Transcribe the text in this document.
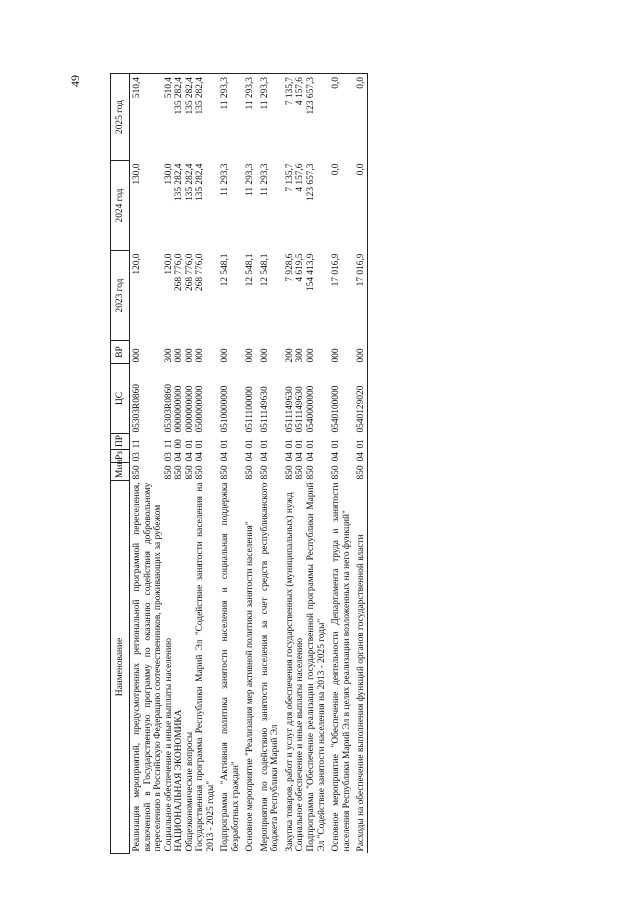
49
Наименование	Мин	Рз	ПР	ЦС	ВР	2023 год	2024 год	2025 год
Реализация мероприятий, предусмотренных региональной программой переселения, включенной в Государственную программу по оказанию содействия добровольному переселению в Российскую Федерацию соотечественников, проживающих за рубежом	850	03	11	05303R0860	000	120,0	130,0	510,4
Социальное обеспечение и иные выплаты населению	850	03	11	05303R0860	300	120,0	130,0	510,4
НАЦИОНАЛЬНАЯ ЭКОНОМИКА	850	04	00	0000000000	000	268 776,0	135 282,4	135 282,4
Общеэкономические вопросы	850	04	01	0000000000	000	268 776,0	135 282,4	135 282,4
Государственная программа Республики Марий Эл "Содействие занятости населения на 2013 - 2025 годы"	850	04	01	0500000000	000	268 776,0	135 282,4	135 282,4
Подпрограмма "Активная политика занятости населения и социальная поддержка безработных граждан"	850	04	01	0510000000	000	12 548,1	11 293,3	11 293,3
Основное мероприятие "Реализация мер активной политики занятости населения"	850	04	01	0511100000	000	12 548,1	11 293,3	11 293,3
Мероприятия по содействию занятости населения за счет средств республиканского бюджета Республики Марий Эл	850	04	01	0511149630	000	12 548,1	11 293,3	11 293,3
Закупка товаров, работ и услуг для обеспечения государственных (муниципальных) нужд	850	04	01	0511149630	200	7 928,6	7 135,7	7 135,7
Социальное обеспечение и иные выплаты населению	850	04	01	0511149630	300	4 619,5	4 157,6	4 157,6
Подпрограмма "Обеспечение реализации государственной программы Республики Марий Эл "Содействие занятости населения на 2013 - 2025 годы"	850	04	01	0540000000	000	154 413,9	123 657,3	123 657,3
Основное мероприятие "Обеспечение деятельности Департамента труда и занятости населения Республики Марий Эл в целях реализации возложенных на него функций"	850	04	01	0540100000	000	17 016,9	0,0	0,0
Расходы на обеспечение выполнения функций органов государственной власти	850	04	01	0540129020	000	17 016,9	0,0	0,0
